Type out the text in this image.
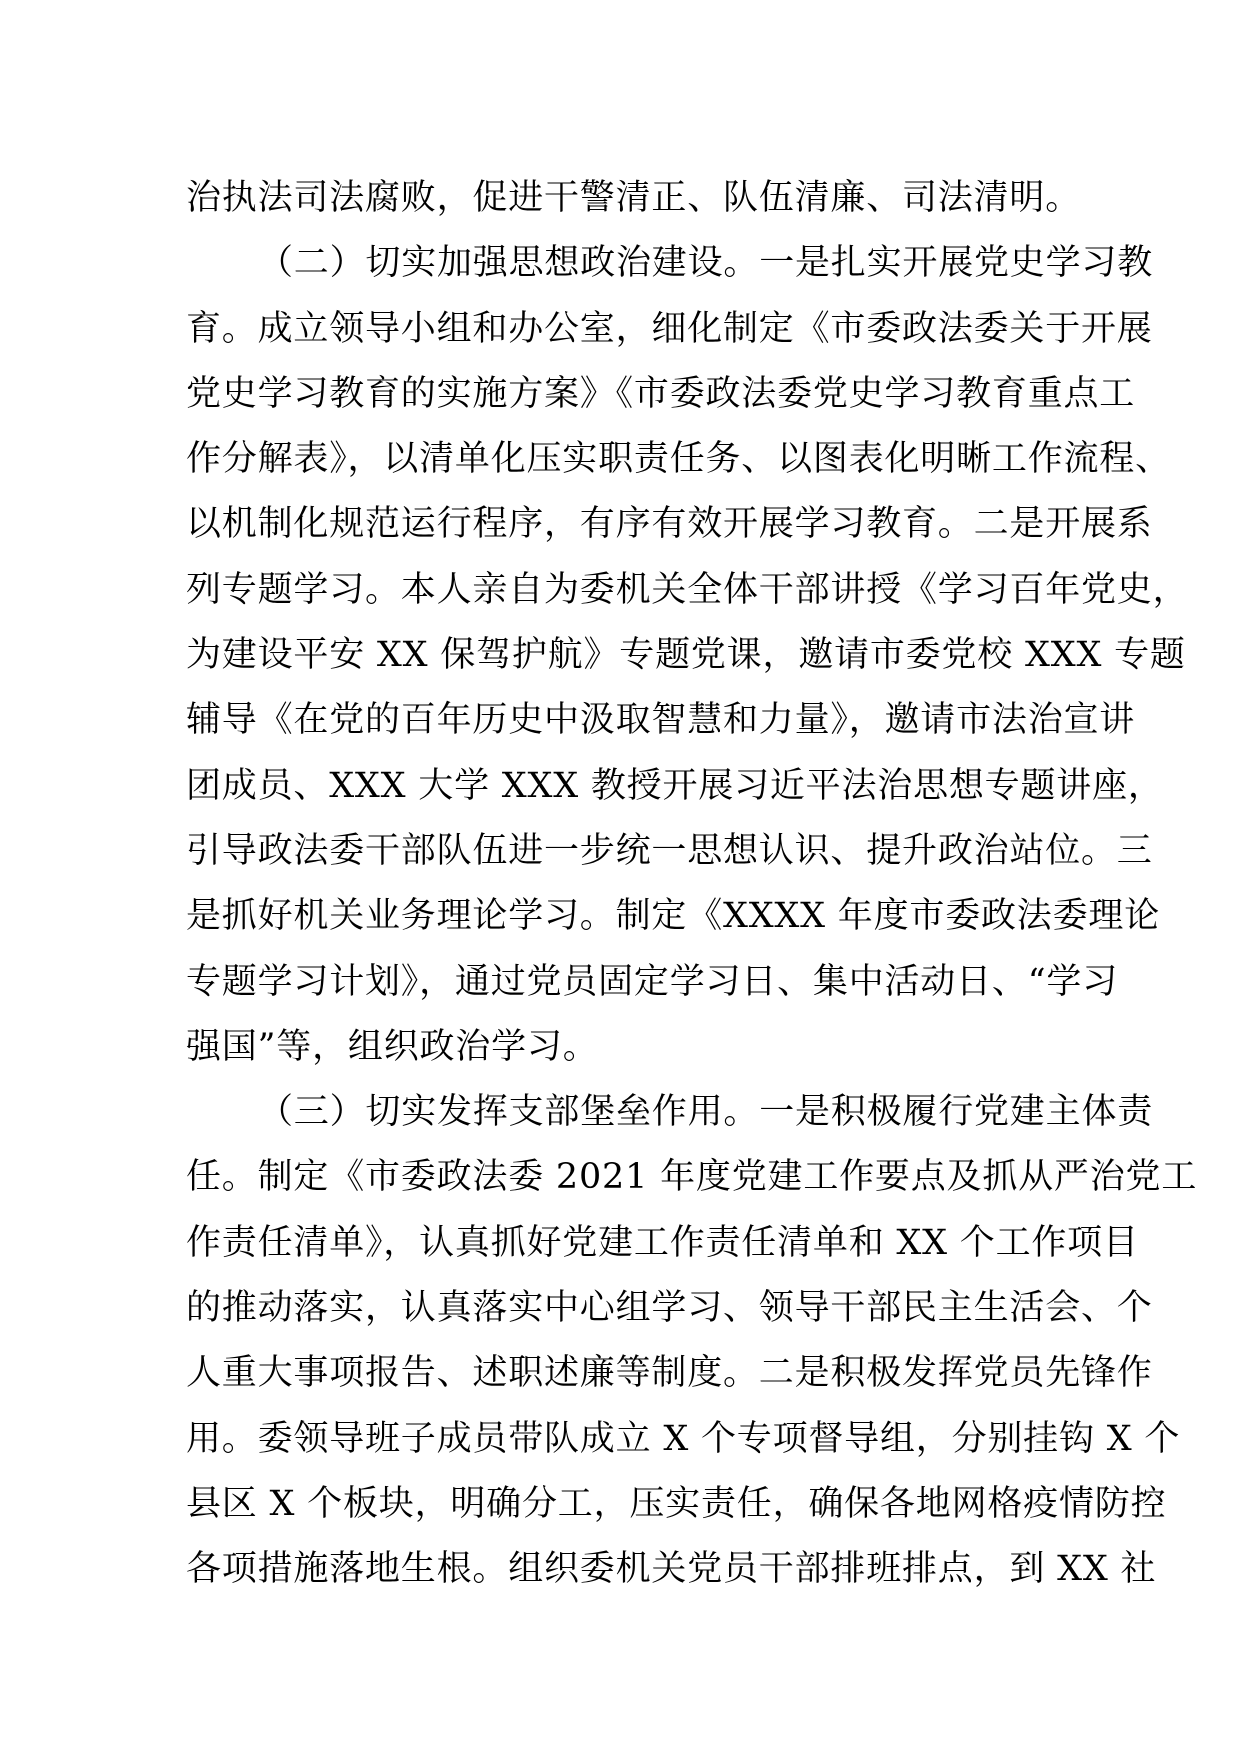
治执法司法腐败，促进干警清正、队伍清廉、司法清明。
（二）切实加强思想政治建设。一是扎实开展党史学习教
育。成立领导小组和办公室，细化制定《市委政法委关于开展
党史学习教育的实施方案》《市委政法委党史学习教育重点工
作分解表》，以清单化压实职责任务、以图表化明晰工作流程、
以机制化规范运行程序，有序有效开展学习教育。二是开展系
列专题学习。本人亲自为委机关全体干部讲授《学习百年党史，
为建设平安 XX 保驾护航》专题党课，邀请市委党校 XXX 专题
辅导《在党的百年历史中汲取智慧和力量》，邀请市法治宣讲
团成员、XXX 大学 XXX 教授开展习近平法治思想专题讲座，
引导政法委干部队伍进一步统一思想认识、提升政治站位。三
是抓好机关业务理论学习。制定《XXXX 年度市委政法委理论
专题学习计划》，通过党员固定学习日、集中活动日、“学习
强国”等，组织政治学习。
（三）切实发挥支部堡垒作用。一是积极履行党建主体责
任。制定《市委政法委 2021 年度党建工作要点及抓从严治党工
作责任清单》，认真抓好党建工作责任清单和 XX 个工作项目
的推动落实，认真落实中心组学习、领导干部民主生活会、个
人重大事项报告、述职述廉等制度。二是积极发挥党员先锋作
用。委领导班子成员带队成立 X 个专项督导组，分别挂钩 X 个
县区 X 个板块，明确分工，压实责任，确保各地网格疫情防控
各项措施落地生根。组织委机关党员干部排班排点，到 XX 社
